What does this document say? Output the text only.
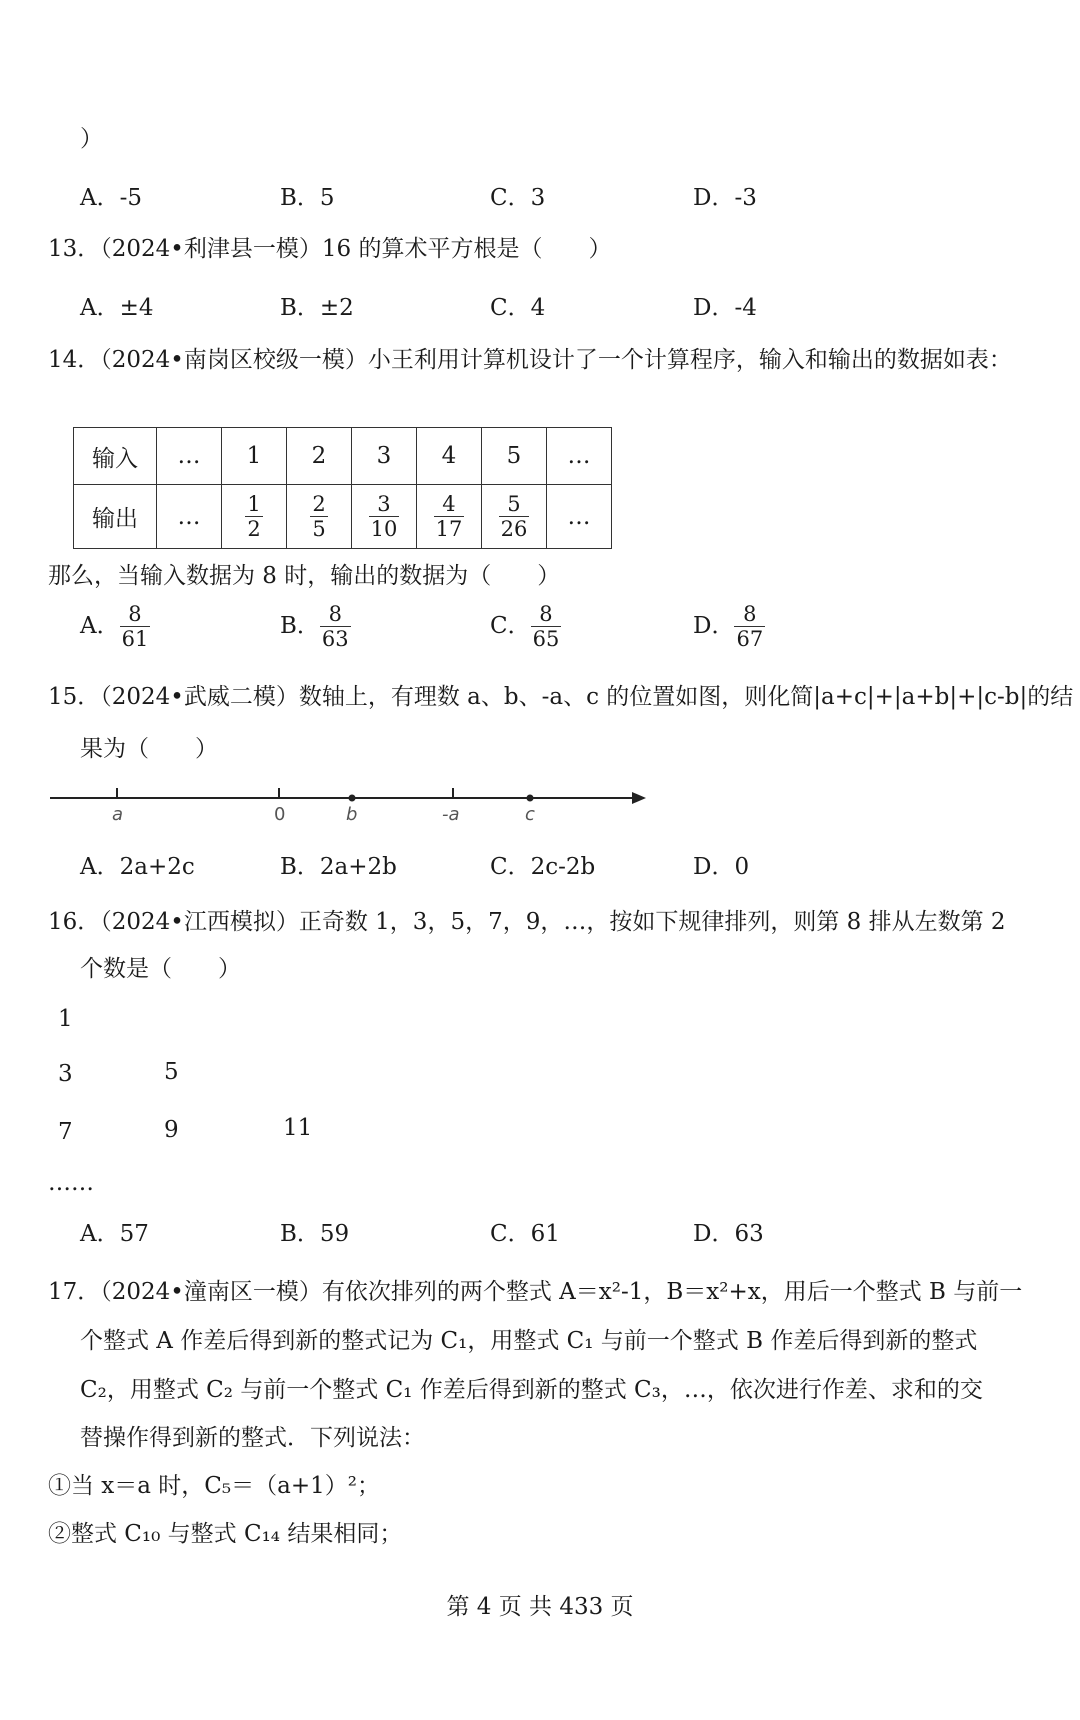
）
A．-5	B．5	C．3	D．-3
13．（2024•利津县一模）16 的算术平方根是（　　）
A．±4	B．±2	C．4	D．-4
14．（2024•南岗区校级一模）小王利用计算机设计了一个计算程序，输入和输出的数据如表：
输入	…	1	2	3	4	5	…
输出	…	$\frac{1}{2}$	$\frac{2}{5}$	$\frac{3}{10}$	$\frac{4}{17}$	$\frac{5}{26}$	…
那么，当输入数据为 8 时，输出的数据为（　　）
A． $\frac{8}{61}$	B． $\frac{8}{63}$	C． $\frac{8}{65}$	D． $\frac{8}{67}$
15．（2024•武威二模）数轴上，有理数 a、b、-a、c 的位置如图，则化简|a+c|+|a+b|+|c-b|的结
果为（　　）
a	0	b	-a	c
A．2a+2c	B．2a+2b	C．2c-2b	D．0
16．（2024•江西模拟）正奇数 1，3，5，7，9，…，按如下规律排列，则第 8 排从左数第 2
个数是（　　）
1
3	5
7	9	11
……
A．57	B．59	C．61	D．63
17．（2024•潼南区一模）有依次排列的两个整式 A＝x²-1，B＝x²+x，用后一个整式 B 与前一
个整式 A 作差后得到新的整式记为 C₁，用整式 C₁ 与前一个整式 B 作差后得到新的整式
C₂，用整式 C₂ 与前一个整式 C₁ 作差后得到新的整式 C₃，…，依次进行作差、求和的交
替操作得到新的整式．下列说法：
①当 x＝a 时，C₅＝（a+1）²；
②整式 C₁₀ 与整式 C₁₄ 结果相同；
第 4 页 共 433 页
